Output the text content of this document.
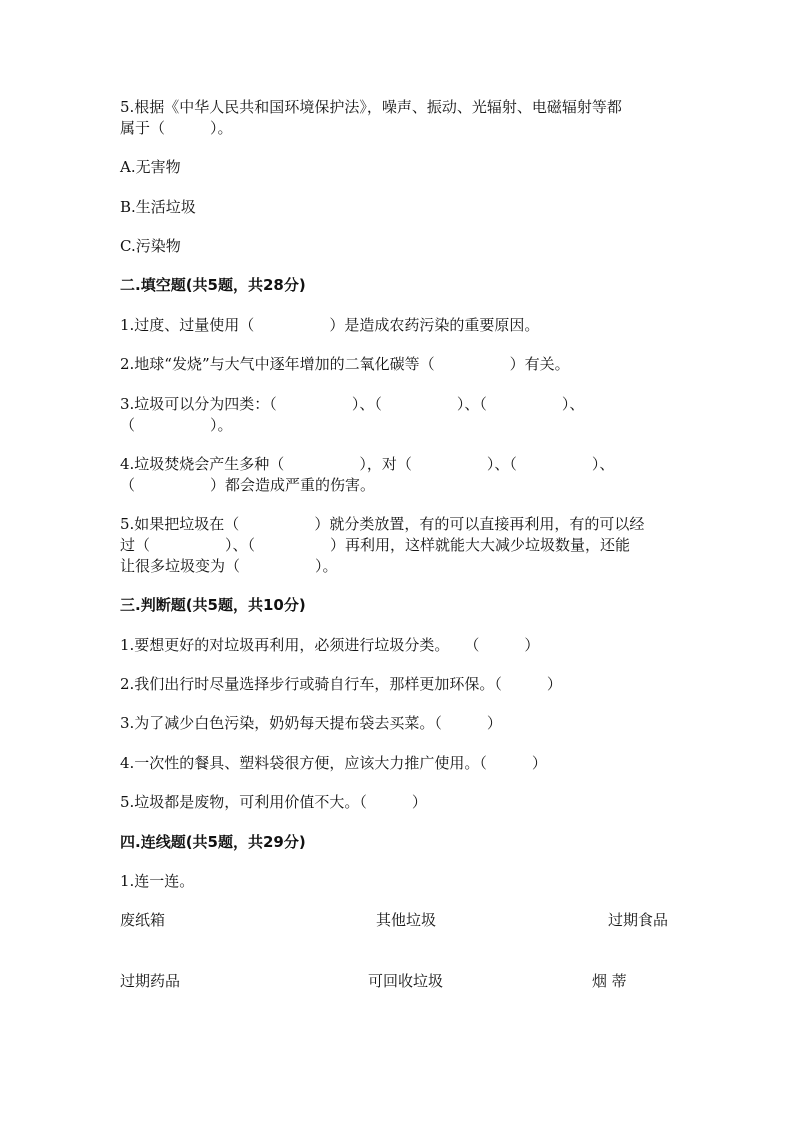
5.根据《中华人民共和国环境保护法》，噪声、振动、光辐射、电磁辐射等都
属于（　　　）。
A.无害物
B.生活垃圾
C.污染物
二.填空题(共5题，共28分)
1.过度、过量使用（　　　　　）是造成农药污染的重要原因。
2.地球“发烧”与大气中逐年增加的二氧化碳等（　　　　　）有关。
3.垃圾可以分为四类：（　　　　　）、（　　　　　）、（　　　　　）、
（　　　　　）。
4.垃圾焚烧会产生多种（　　　　　），对（　　　　　）、（　　　　　）、
（　　　　　）都会造成严重的伤害。
5.如果把垃圾在（　　　　　）就分类放置，有的可以直接再利用，有的可以经
过（　　　　　）、（　　　　　）再利用，这样就能大大减少垃圾数量，还能
让很多垃圾变为（　　　　　）。
三.判断题(共5题，共10分)
1.要想更好的对垃圾再利用，必须进行垃圾分类。　　（　　　）
2.我们出行时尽量选择步行或骑自行车，那样更加环保。（　　　）
3.为了减少白色污染，奶奶每天提布袋去买菜。（　　　）
4.一次性的餐具、塑料袋很方便，应该大力推广使用。（　　　）
5.垃圾都是废物，可利用价值不大。（　　　）
四.连线题(共5题，共29分)
1.连一连。
废纸箱	其他垃圾	过期食品
过期药品	可回收垃圾	烟 蒂
